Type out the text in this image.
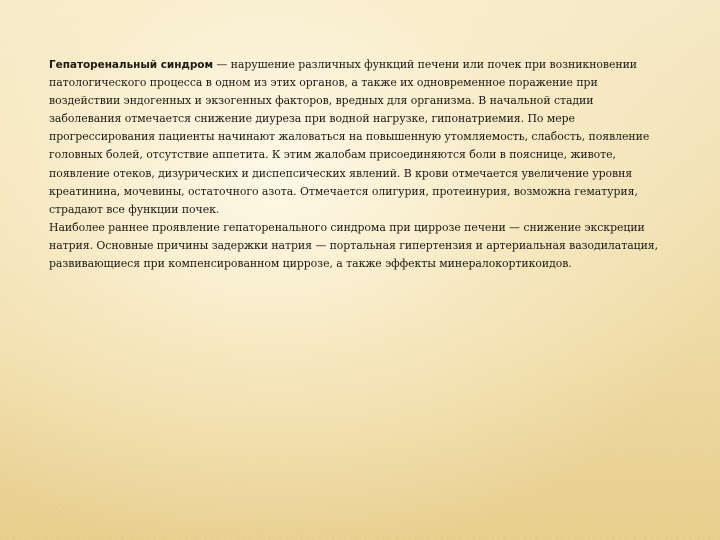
Гепаторенальный синдром — нарушение различных функций печени или почек при возникновении патологического процесса в одном из этих органов, а также их одновременное поражение при воздействии эндогенных и экзогенных факторов, вредных для организма. В начальной стадии заболевания отмечается снижение диуреза при водной нагрузке, гипонатриемия. По мере прогрессирования пациенты начинают жаловаться на повышенную утомляемость, слабость, появление головных болей, отсутствие аппетита. К этим жалобам присоединяются боли в пояснице, животе, появление отеков, дизурических и диспепсических явлений. В крови отмечается увеличение уровня креатинина, мочевины, остаточного азота. Отмечается олигурия, протеинурия, возможна гематурия, страдают все функции почек.

Наиболее раннее проявление гепаторенального синдрома при циррозе печени — снижение экскреции натрия. Основные причины задержки натрия — портальная гипертензия и артериальная вазодилатация, развивающиеся при компенсированном циррозе, а также эффекты минералокортикоидов.
